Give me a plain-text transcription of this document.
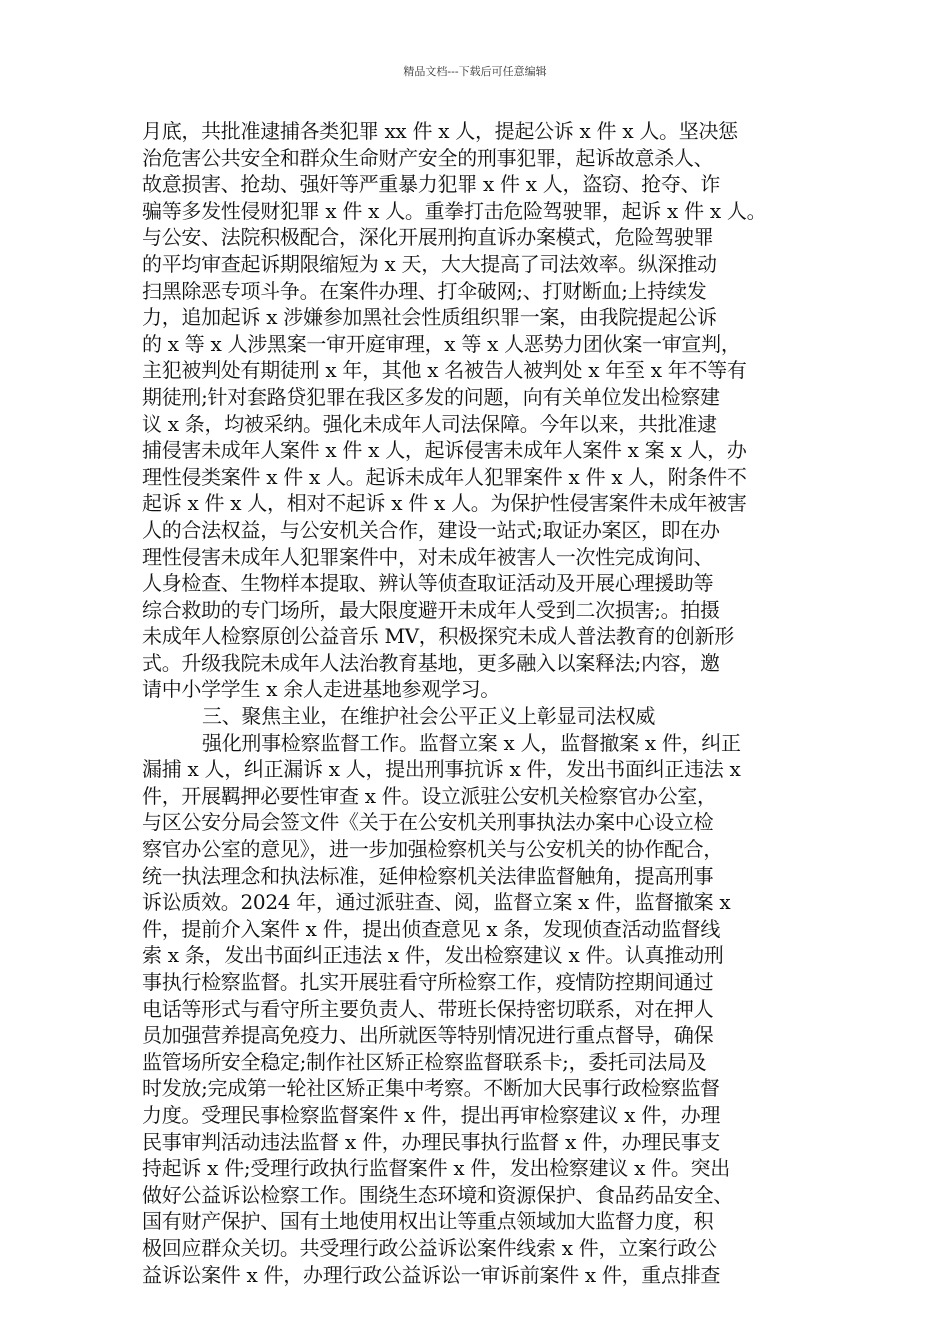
精品文档---下载后可任意编辑
月底，共批准逮捕各类犯罪 xx 件 x 人，提起公诉 x 件 x 人。坚决惩
治危害公共安全和群众生命财产安全的刑事犯罪，起诉故意杀人、
故意损害、抢劫、强奸等严重暴力犯罪 x 件 x 人，盗窃、抢夺、诈
骗等多发性侵财犯罪 x 件 x 人。重拳打击危险驾驶罪，起诉 x 件 x 人。
与公安、法院积极配合，深化开展刑拘直诉办案模式，危险驾驶罪
的平均审查起诉期限缩短为 x 天，大大提高了司法效率。纵深推动
扫黑除恶专项斗争。在案件办理、打伞破网;、打财断血;上持续发
力，追加起诉 x 涉嫌参加黑社会性质组织罪一案，由我院提起公诉
的 x 等 x 人涉黑案一审开庭审理，x 等 x 人恶势力团伙案一审宣判，
主犯被判处有期徒刑 x 年，其他 x 名被告人被判处 x 年至 x 年不等有
期徒刑;针对套路贷犯罪在我区多发的问题，向有关单位发出检察建
议 x 条，均被采纳。强化未成年人司法保障。今年以来，共批准逮
捕侵害未成年人案件 x 件 x 人，起诉侵害未成年人案件 x 案 x 人，办
理性侵类案件 x 件 x 人。起诉未成年人犯罪案件 x 件 x 人，附条件不
起诉 x 件 x 人，相对不起诉 x 件 x 人。为保护性侵害案件未成年被害
人的合法权益，与公安机关合作，建设一站式;取证办案区，即在办
理性侵害未成年人犯罪案件中，对未成年被害人一次性完成询问、
人身检查、生物样本提取、辨认等侦查取证活动及开展心理援助等
综合救助的专门场所，最大限度避开未成年人受到二次损害;。拍摄
未成年人检察原创公益音乐 MV，积极探究未成人普法教育的创新形
式。升级我院未成年人法治教育基地，更多融入以案释法;内容，邀
请中小学学生 x 余人走进基地参观学习。
三、聚焦主业，在维护社会公平正义上彰显司法权威
强化刑事检察监督工作。监督立案 x 人，监督撤案 x 件，纠正
漏捕 x 人，纠正漏诉 x 人，提出刑事抗诉 x 件，发出书面纠正违法 x
件，开展羁押必要性审查 x 件。设立派驻公安机关检察官办公室，
与区公安分局会签文件《关于在公安机关刑事执法办案中心设立检
察官办公室的意见》，进一步加强检察机关与公安机关的协作配合，
统一执法理念和执法标准，延伸检察机关法律监督触角，提高刑事
诉讼质效。2024 年，通过派驻查、阅，监督立案 x 件，监督撤案 x
件，提前介入案件 x 件，提出侦查意见 x 条，发现侦查活动监督线
索 x 条，发出书面纠正违法 x 件，发出检察建议 x 件。认真推动刑
事执行检察监督。扎实开展驻看守所检察工作，疫情防控期间通过
电话等形式与看守所主要负责人、带班长保持密切联系，对在押人
员加强营养提高免疫力、出所就医等特别情况进行重点督导，确保
监管场所安全稳定;制作社区矫正检察监督联系卡;，委托司法局及
时发放;完成第一轮社区矫正集中考察。不断加大民事行政检察监督
力度。受理民事检察监督案件 x 件，提出再审检察建议 x 件，办理
民事审判活动违法监督 x 件，办理民事执行监督 x 件，办理民事支
持起诉 x 件;受理行政执行监督案件 x 件，发出检察建议 x 件。突出
做好公益诉讼检察工作。围绕生态环境和资源保护、食品药品安全、
国有财产保护、国有土地使用权出让等重点领域加大监督力度，积
极回应群众关切。共受理行政公益诉讼案件线索 x 件，立案行政公
益诉讼案件 x 件，办理行政公益诉讼一审诉前案件 x 件，重点排查
